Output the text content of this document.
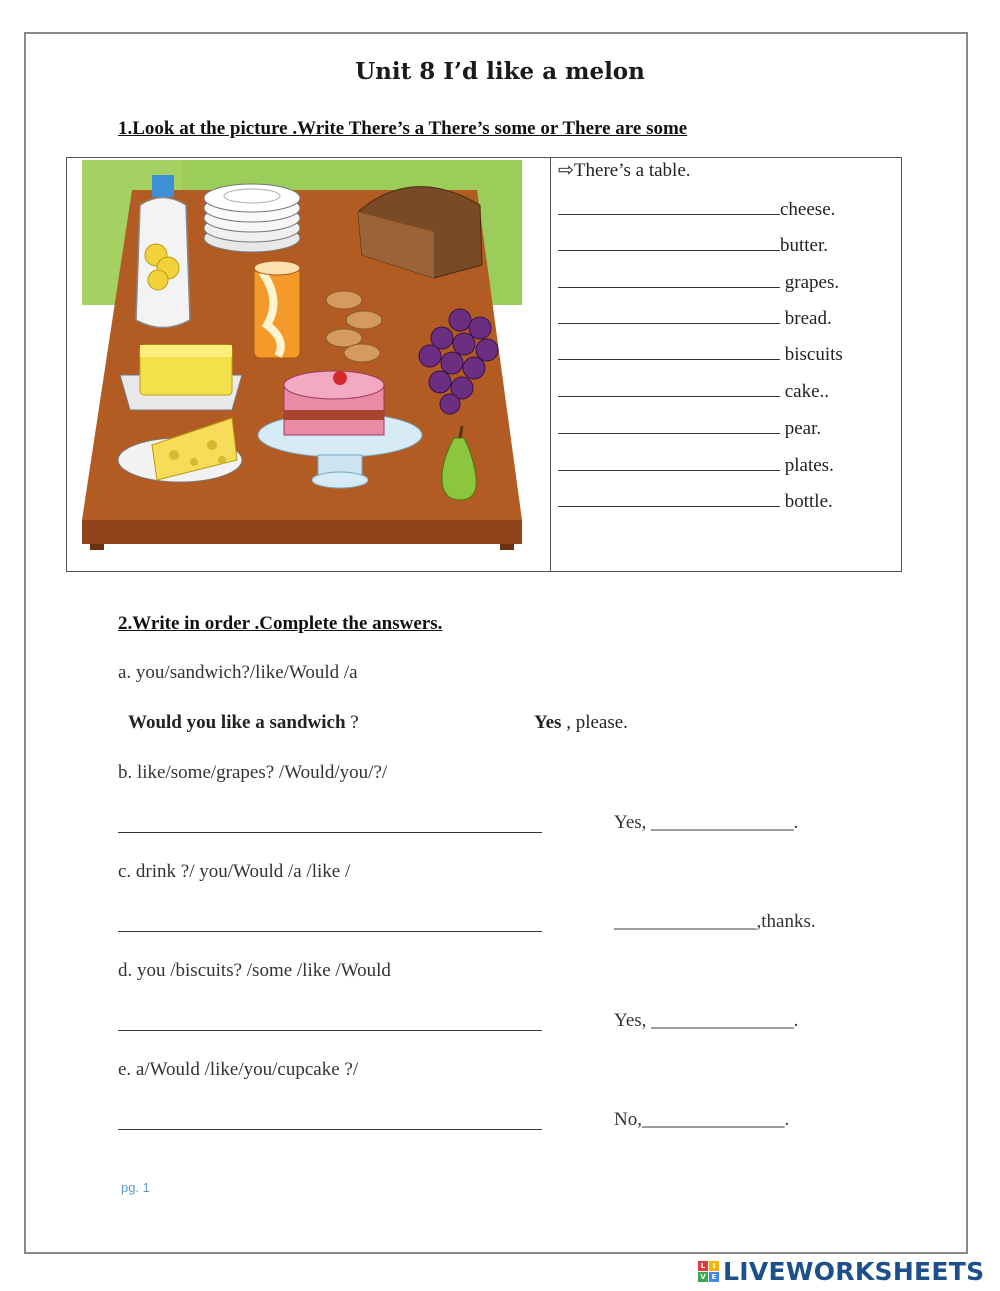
Unit 8 I’d like a melon
1.Look at the picture .Write There’s a There’s some or There are some
⇨There’s a table.
cheese.
butter.
grapes.
bread.
biscuits
cake..
pear.
plates.
bottle.
2.Write in order .Complete the answers.
a. you/sandwich?/like/Would /a
Would you like a sandwich ?	Yes , please.
b. like/some/grapes? /Would/you/?/
Yes, _______________.
c. drink ?/ you/Would /a /like /
_______________,thanks.
d. you /biscuits? /some /like /Would
Yes, _______________.
e. a/Would /like/you/cupcake ?/
No,_______________.
pg. 1
L	I
V E LIVEWORKSHEETS
